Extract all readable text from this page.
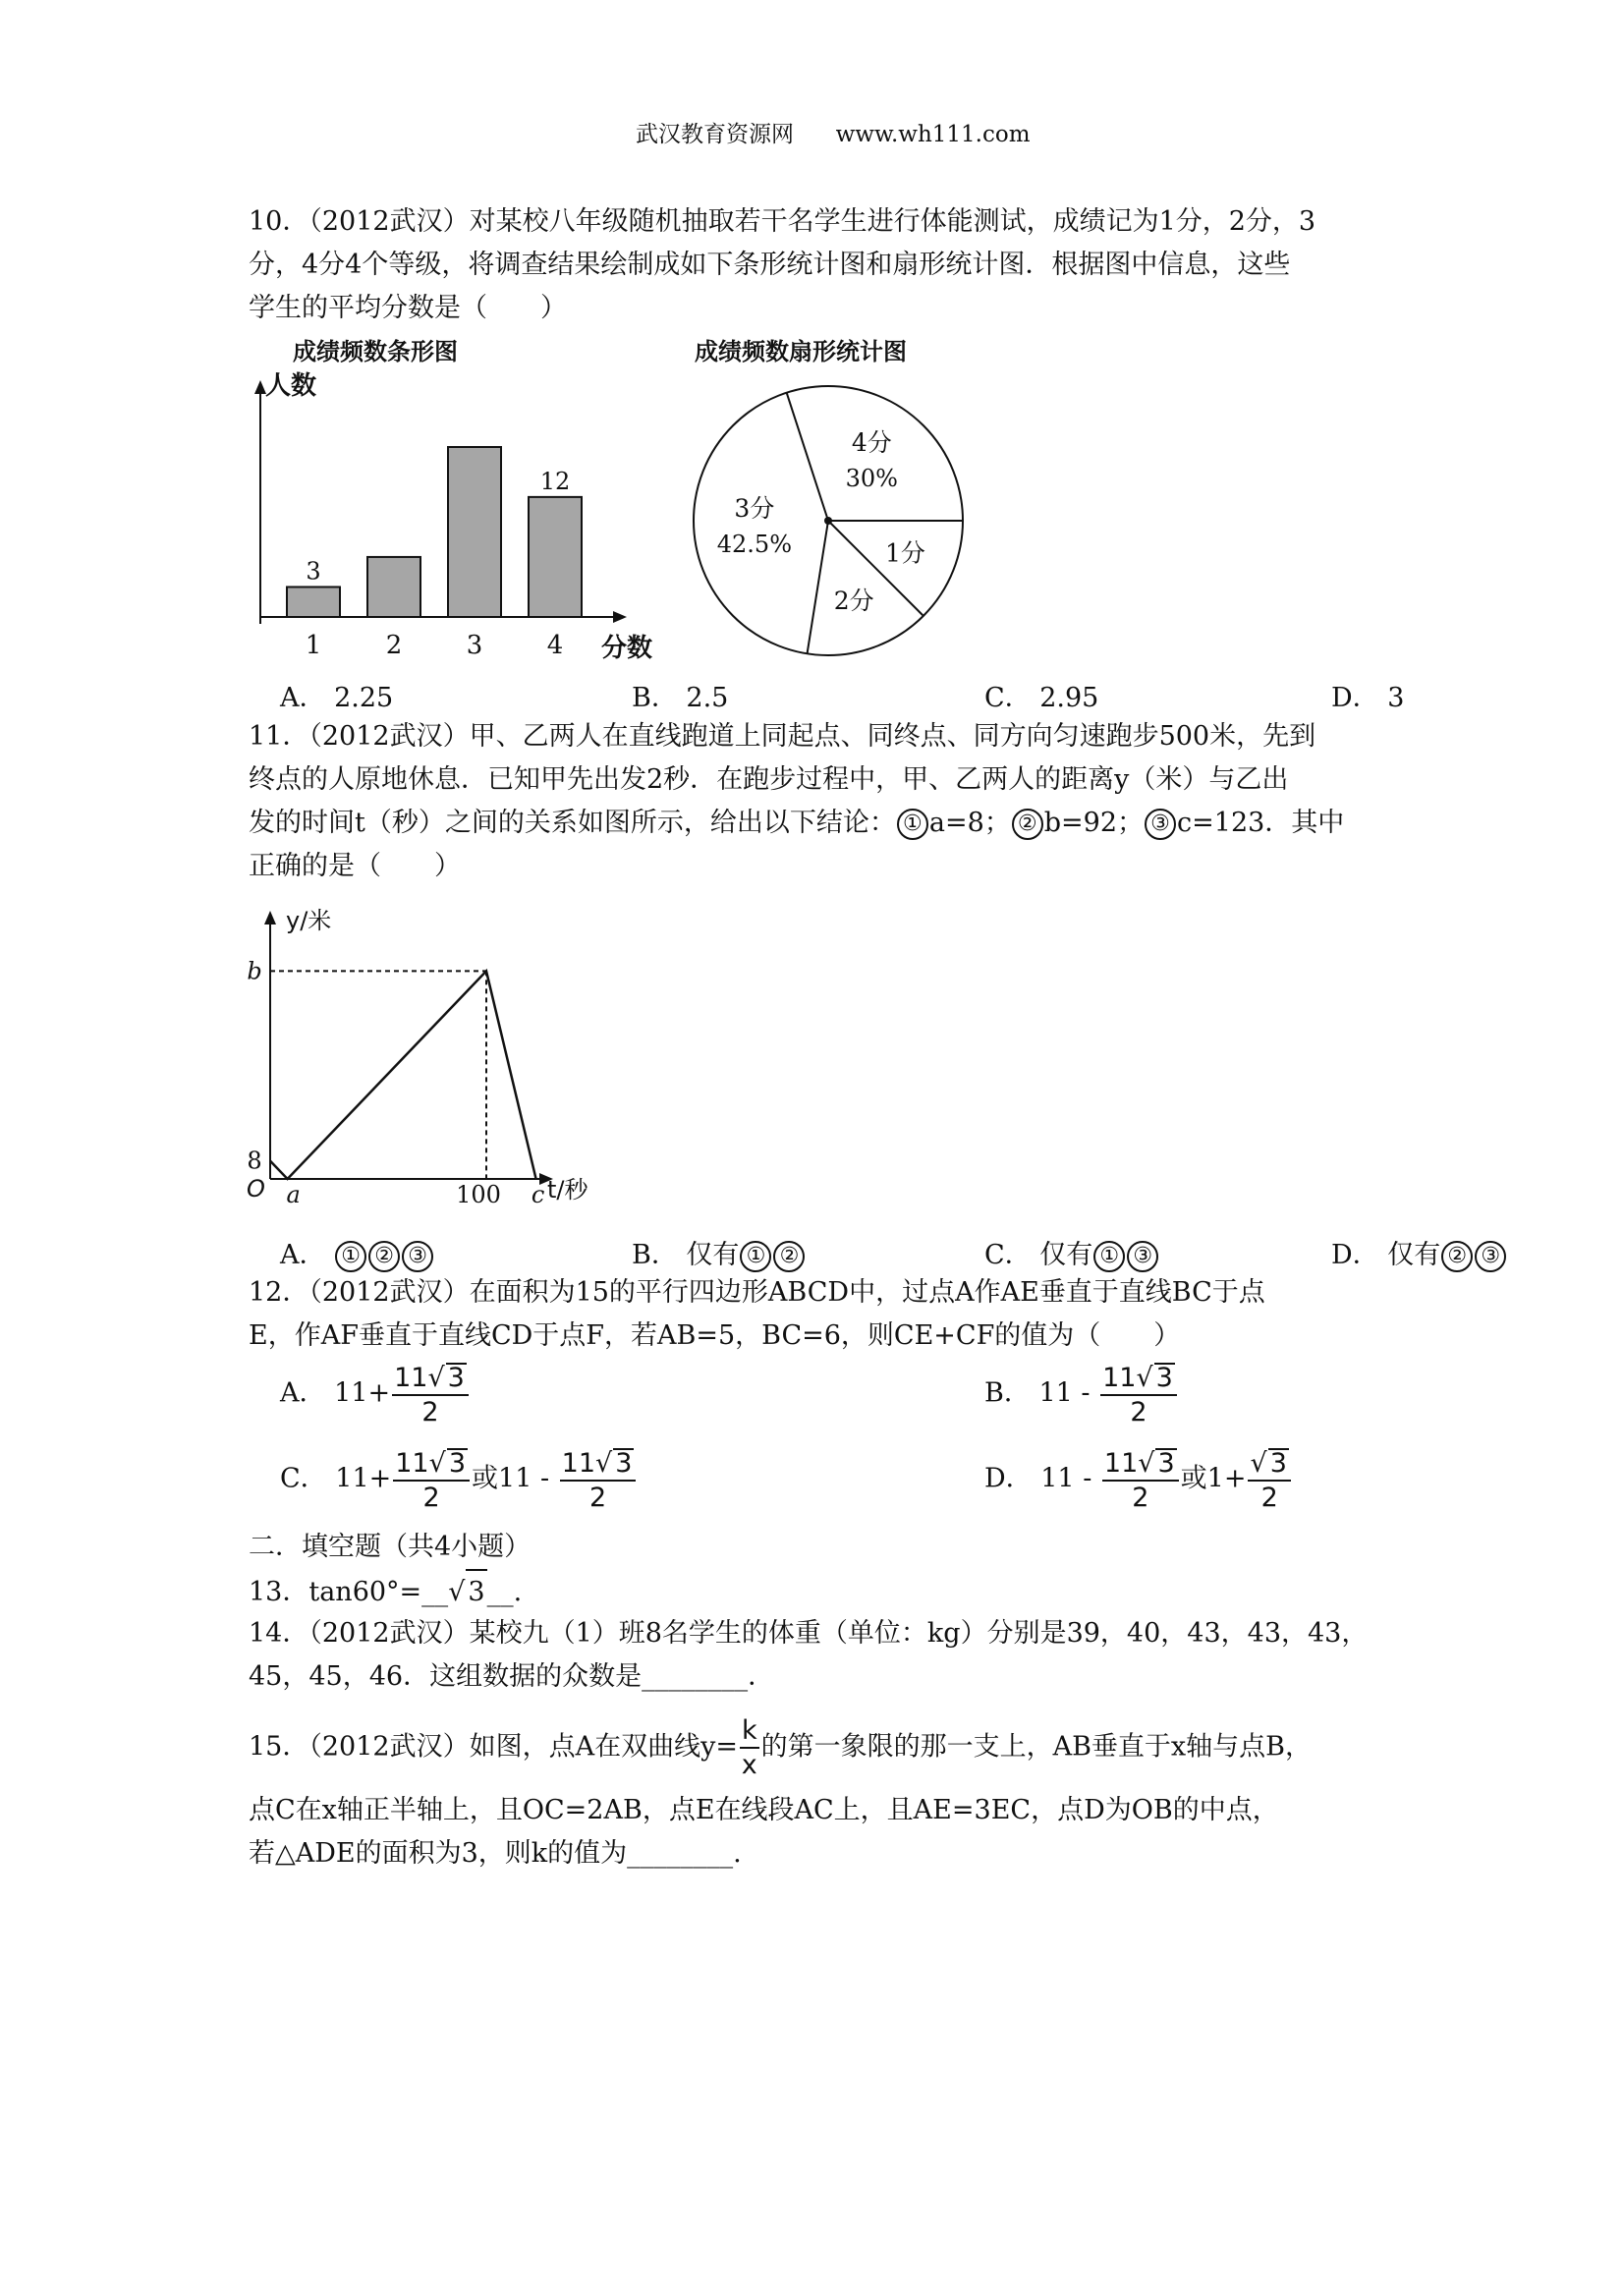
武汉教育资源网 www.wh111.com
10．（2012武汉）对某校八年级随机抽取若干名学生进行体能测试，成绩记为1分，2分，3
分，4分4个等级，将调查结果绘制成如下条形统计图和扇形统计图．根据图中信息，这些
学生的平均分数是（　　）
成绩频数条形图
人数
分数
1
3
2	3	4
12
成绩频数扇形统计图
4分
30%
3分
42.5%
2分
1分
A． 2.25	B． 2.5	C． 2.95	D． 3
11．（2012武汉）甲、乙两人在直线跑道上同起点、同终点、同方向匀速跑步500米，先到
终点的人原地休息．已知甲先出发2秒．在跑步过程中，甲、乙两人的距离y（米）与乙出
发的时间t（秒）之间的关系如图所示，给出以下结论： ① a=8； ② b=92； ③ c=123．其中
正确的是（　　）
y/米
t/秒
O
8
b
a	100 c
A． ① ② ③	B． 仅有 ① ②	C． 仅有 ① ③	D． 仅有 ② ③
12．（2012武汉）在面积为15的平行四边形ABCD中，过点A作AE垂直于直线BC于点
E，作AF垂直于直线CD于点F，若AB=5，BC=6，则CE+CF的值为（　　）
A． $11+ \frac{11√ 3}{2}$	B． $11 - \frac{11√ 3}{2}$
C． $11+ \frac{11√ 3}{2}$ 或$11 - \frac{11√ 3}{2}$	D． $11 - \frac{11√ 3}{2}$ 或$1+ \frac{√ 3}{2}$
二．填空题（共4小题）
13．tan60°=__√ 3__.
14．（2012武汉）某校九（1）班8名学生的体重（单位：kg）分别是39，40，43，43，43，
45，45，46．这组数据的众数是________．
15．（2012武汉）如图，点A在双曲线$y= \frac{k}{x}$ 的第一象限的那一支上，AB垂直于x轴与点B，
点C在x轴正半轴上，且OC=2AB，点E在线段AC上，且AE=3EC，点D为OB的中点，
若△ADE的面积为3，则k的值为________.
